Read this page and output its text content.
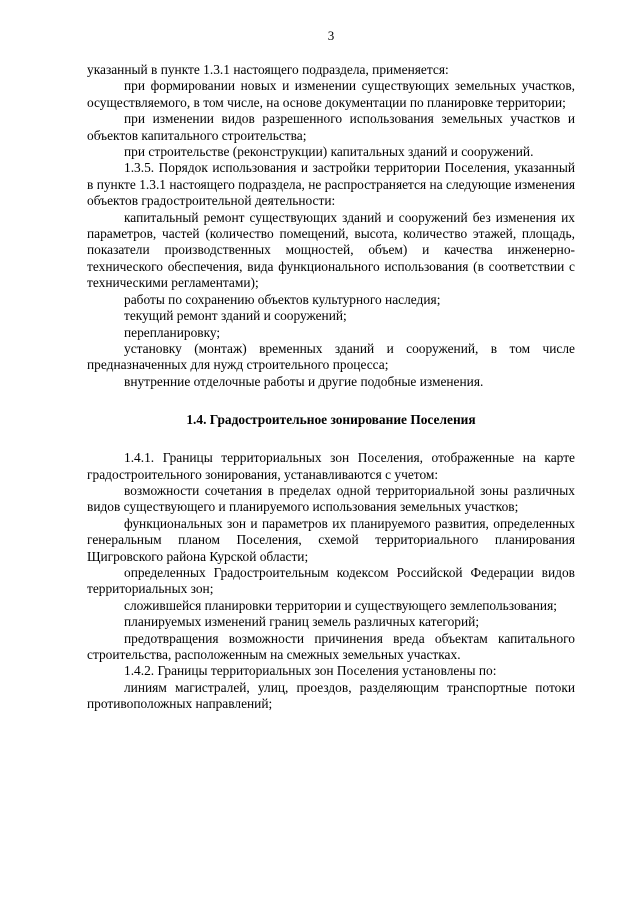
3

указанный в пункте 1.3.1 настоящего подраздела, применяется:

при формировании новых и изменении существующих земельных участков, осуществляемого, в том числе, на основе документации по планировке территории;

при изменении видов разрешенного использования земельных участков и объектов капитального строительства;

при строительстве (реконструкции) капитальных зданий и сооружений.

1.3.5. Порядок использования и застройки территории Поселения, указанный в пункте 1.3.1 настоящего подраздела, не распространяется на следующие изменения объектов градостроительной деятельности:

капитальный ремонт существующих зданий и сооружений без изменения их параметров, частей (количество помещений, высота, количество этажей, площадь, показатели производственных мощностей, объем) и качества инженерно-технического обеспечения, вида функционального использования (в соответствии с техническими регламентами);

работы по сохранению объектов культурного наследия;

текущий ремонт зданий и сооружений;

перепланировку;

установку (монтаж) временных зданий и сооружений, в том числе предназначенных для нужд строительного процесса;

внутренние отделочные работы и другие подобные изменения.

1.4. Градостроительное зонирование Поселения

1.4.1. Границы территориальных зон Поселения, отображенные на карте градостроительного зонирования, устанавливаются с учетом:

возможности сочетания в пределах одной территориальной зоны различных видов существующего и планируемого использования земельных участков;

функциональных зон и параметров их планируемого развития, определенных генеральным планом Поселения, схемой территориального планирования Щигровского района Курской области;

определенных Градостроительным кодексом Российской Федерации видов территориальных зон;

сложившейся планировки территории и существующего землепользования;

планируемых изменений границ земель различных категорий;

предотвращения возможности причинения вреда объектам капитального строительства, расположенным на смежных земельных участках.

1.4.2. Границы территориальных зон Поселения установлены по:

линиям магистралей, улиц, проездов, разделяющим транспортные потоки противоположных направлений;
